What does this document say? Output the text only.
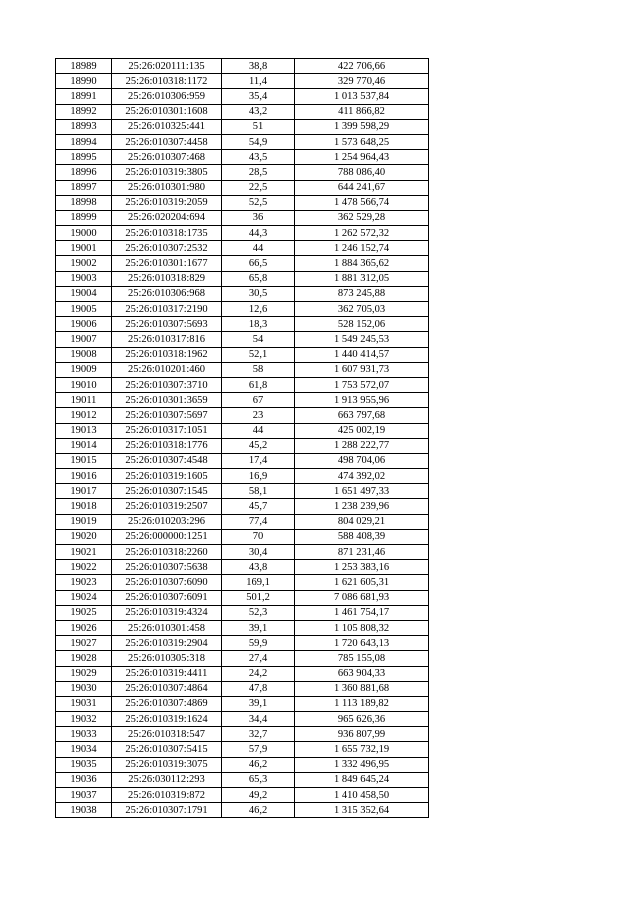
18989	25:26:020111:135	38,8	422 706,66
18990	25:26:010318:1172	11,4	329 770,46
18991	25:26:010306:959	35,4	1 013 537,84
18992	25:26:010301:1608	43,2	411 866,82
18993	25:26:010325:441	51	1 399 598,29
18994	25:26:010307:4458	54,9	1 573 648,25
18995	25:26:010307:468	43,5	1 254 964,43
18996	25:26:010319:3805	28,5	788 086,40
18997	25:26:010301:980	22,5	644 241,67
18998	25:26:010319:2059	52,5	1 478 566,74
18999	25:26:020204:694	36	362 529,28
19000	25:26:010318:1735	44,3	1 262 572,32
19001	25:26:010307:2532	44	1 246 152,74
19002	25:26:010301:1677	66,5	1 884 365,62
19003	25:26:010318:829	65,8	1 881 312,05
19004	25:26:010306:968	30,5	873 245,88
19005	25:26:010317:2190	12,6	362 705,03
19006	25:26:010307:5693	18,3	528 152,06
19007	25:26:010317:816	54	1 549 245,53
19008	25:26:010318:1962	52,1	1 440 414,57
19009	25:26:010201:460	58	1 607 931,73
19010	25:26:010307:3710	61,8	1 753 572,07
19011	25:26:010301:3659	67	1 913 955,96
19012	25:26:010307:5697	23	663 797,68
19013	25:26:010317:1051	44	425 002,19
19014	25:26:010318:1776	45,2	1 288 222,77
19015	25:26:010307:4548	17,4	498 704,06
19016	25:26:010319:1605	16,9	474 392,02
19017	25:26:010307:1545	58,1	1 651 497,33
19018	25:26:010319:2507	45,7	1 238 239,96
19019	25:26:010203:296	77,4	804 029,21
19020	25:26:000000:1251	70	588 408,39
19021	25:26:010318:2260	30,4	871 231,46
19022	25:26:010307:5638	43,8	1 253 383,16
19023	25:26:010307:6090	169,1	1 621 605,31
19024	25:26:010307:6091	501,2	7 086 681,93
19025	25:26:010319:4324	52,3	1 461 754,17
19026	25:26:010301:458	39,1	1 105 808,32
19027	25:26:010319:2904	59,9	1 720 643,13
19028	25:26:010305:318	27,4	785 155,08
19029	25:26:010319:4411	24,2	663 904,33
19030	25:26:010307:4864	47,8	1 360 881,68
19031	25:26:010307:4869	39,1	1 113 189,82
19032	25:26:010319:1624	34,4	965 626,36
19033	25:26:010318:547	32,7	936 807,99
19034	25:26:010307:5415	57,9	1 655 732,19
19035	25:26:010319:3075	46,2	1 332 496,95
19036	25:26:030112:293	65,3	1 849 645,24
19037	25:26:010319:872	49,2	1 410 458,50
19038	25:26:010307:1791	46,2	1 315 352,64
